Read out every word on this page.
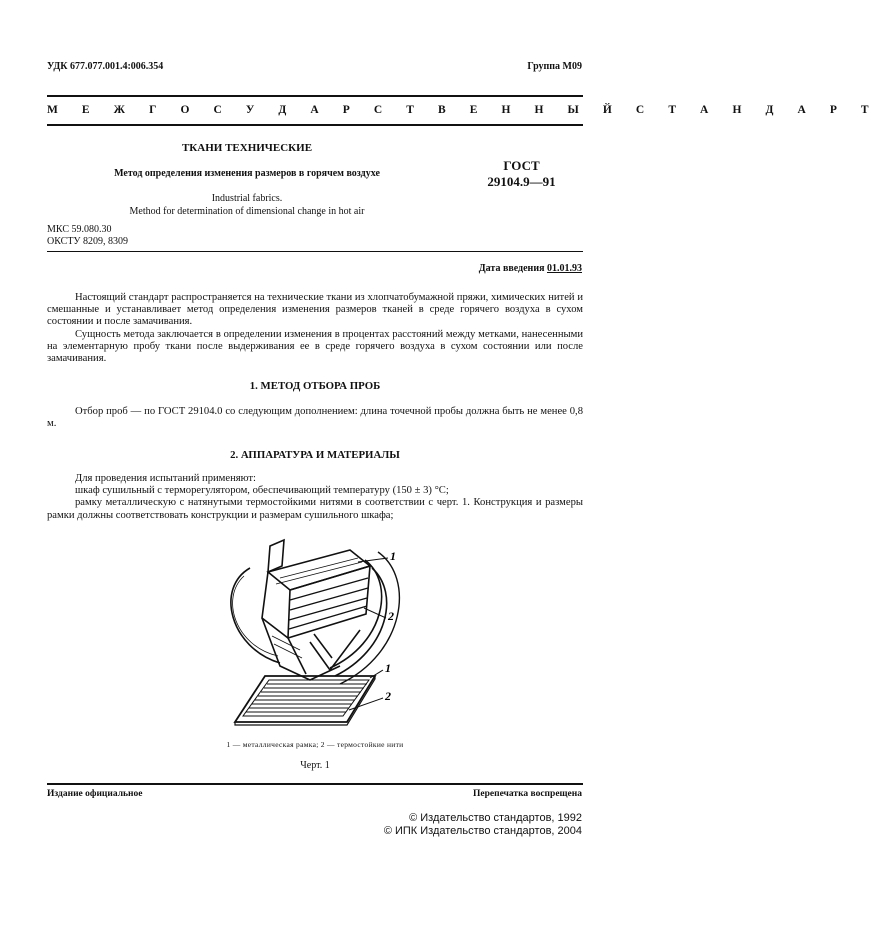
УДК 677.077.001.4:006.354	Группа М09
М Е Ж Г О С У Д А Р С Т В Е Н Н Ы Й С Т А Н Д А Р Т
ТКАНИ ТЕХНИЧЕСКИЕ
Метод определения изменения размеров в горячем воздухе
Industrial fabrics.
Method for determination of dimensional change in hot air
ГОСТ
29104.9—91
МКС 59.080.30
ОКСТУ 8209, 8309
Дата введения 01.01.93

Настоящий стандарт распространяется на технические ткани из хлопчатобумажной пряжи, химических нитей и смешанные и устанавливает метод определения изменения размеров тканей в среде горячего воздуха в сухом состоянии и после замачивания.

Сущность метода заключается в определении изменения в процентах расстояний между метками, нанесенными на элементарную пробу ткани после выдерживания ее в среде горячего воздуха в сухом состоянии или после замачивания.

1. МЕТОД ОТБОРА ПРОБ

Отбор проб — по ГОСТ 29104.0 со следующим дополнением: длина точечной пробы должна быть не менее 0,8 м.

2. АППАРАТУРА И МАТЕРИАЛЫ

Для проведения испытаний применяют:

шкаф сушильный с терморегулятором, обеспечивающий температуру (150 ± 3) °С;

рамку металлическую с натянутыми термостойкими нитями в соответствии с черт. 1. Конструкция и размеры рамки должны соответствовать конструкции и размерам сушильного шкафа;

1
2
1
2
1 — металлическая рамка; 2 — термостойкие нити
Черт. 1
Издание официальное	Перепечатка воспрещена
© Издательство стандартов, 1992
© ИПК Издательство стандартов, 2004
